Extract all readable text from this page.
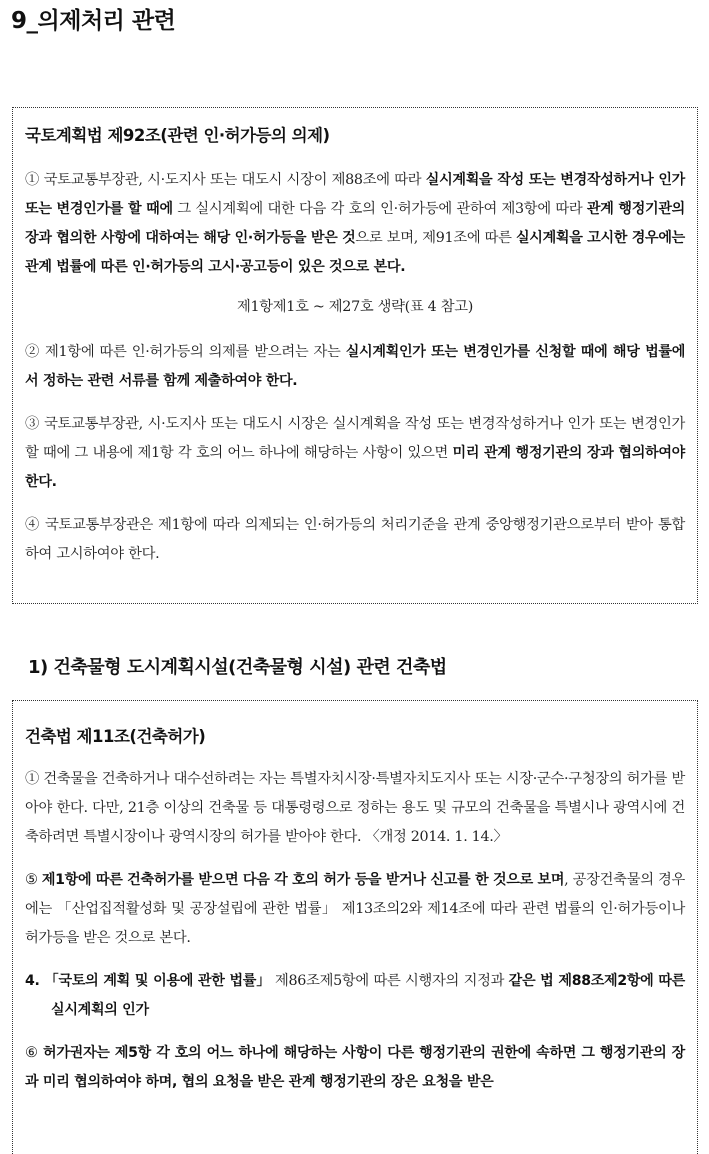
9_의제처리 관련
국토계획법 제92조(관련 인·허가등의 의제)

① 국토교통부장관, 시·도지사 또는 대도시 시장이 제88조에 따라 실시계획을 작성 또는 변경작성하거나 인가 또는 변경인가를 할 때에 그 실시계획에 대한 다음 각 호의 인·허가등에 관하여 제3항에 따라 관계 행정기관의 장과 협의한 사항에 대하여는 해당 인·허가등을 받은 것으로 보며, 제91조에 따른 실시계획을 고시한 경우에는 관계 법률에 따른 인·허가등의 고시·공고등이 있은 것으로 본다.

제1항제1호 ~ 제27호 생략(표 4 참고)

② 제1항에 따른 인·허가등의 의제를 받으려는 자는 실시계획인가 또는 변경인가를 신청할 때에 해당 법률에서 정하는 관련 서류를 함께 제출하여야 한다.

③ 국토교통부장관, 시·도지사 또는 대도시 시장은 실시계획을 작성 또는 변경작성하거나 인가 또는 변경인가할 때에 그 내용에 제1항 각 호의 어느 하나에 해당하는 사항이 있으면 미리 관계 행정기관의 장과 협의하여야 한다.

④ 국토교통부장관은 제1항에 따라 의제되는 인·허가등의 처리기준을 관계 중앙행정기관으로부터 받아 통합하여 고시하여야 한다.

1) 건축물형 도시계획시설(건축물형 시설) 관련 건축법
건축법 제11조(건축허가)

① 건축물을 건축하거나 대수선하려는 자는 특별자치시장·특별자치도지사 또는 시장·군수·구청장의 허가를 받아야 한다. 다만, 21층 이상의 건축물 등 대통령령으로 정하는 용도 및 규모의 건축물을 특별시나 광역시에 건축하려면 특별시장이나 광역시장의 허가를 받아야 한다. 〈개정 2014. 1. 14.〉

⑤ 제1항에 따른 건축허가를 받으면 다음 각 호의 허가 등을 받거나 신고를 한 것으로 보며, 공장건축물의 경우에는 「산업집적활성화 및 공장설립에 관한 법률」 제13조의2와 제14조에 따라 관련 법률의 인·허가등이나 허가등을 받은 것으로 본다.

4. 「국토의 계획 및 이용에 관한 법률」 제86조제5항에 따른 시행자의 지정과 같은 법 제88조제2항에 따른 실시계획의 인가

⑥ 허가권자는 제5항 각 호의 어느 하나에 해당하는 사항이 다른 행정기관의 권한에 속하면 그 행정기관의 장과 미리 협의하여야 하며, 협의 요청을 받은 관계 행정기관의 장은 요청을 받은
